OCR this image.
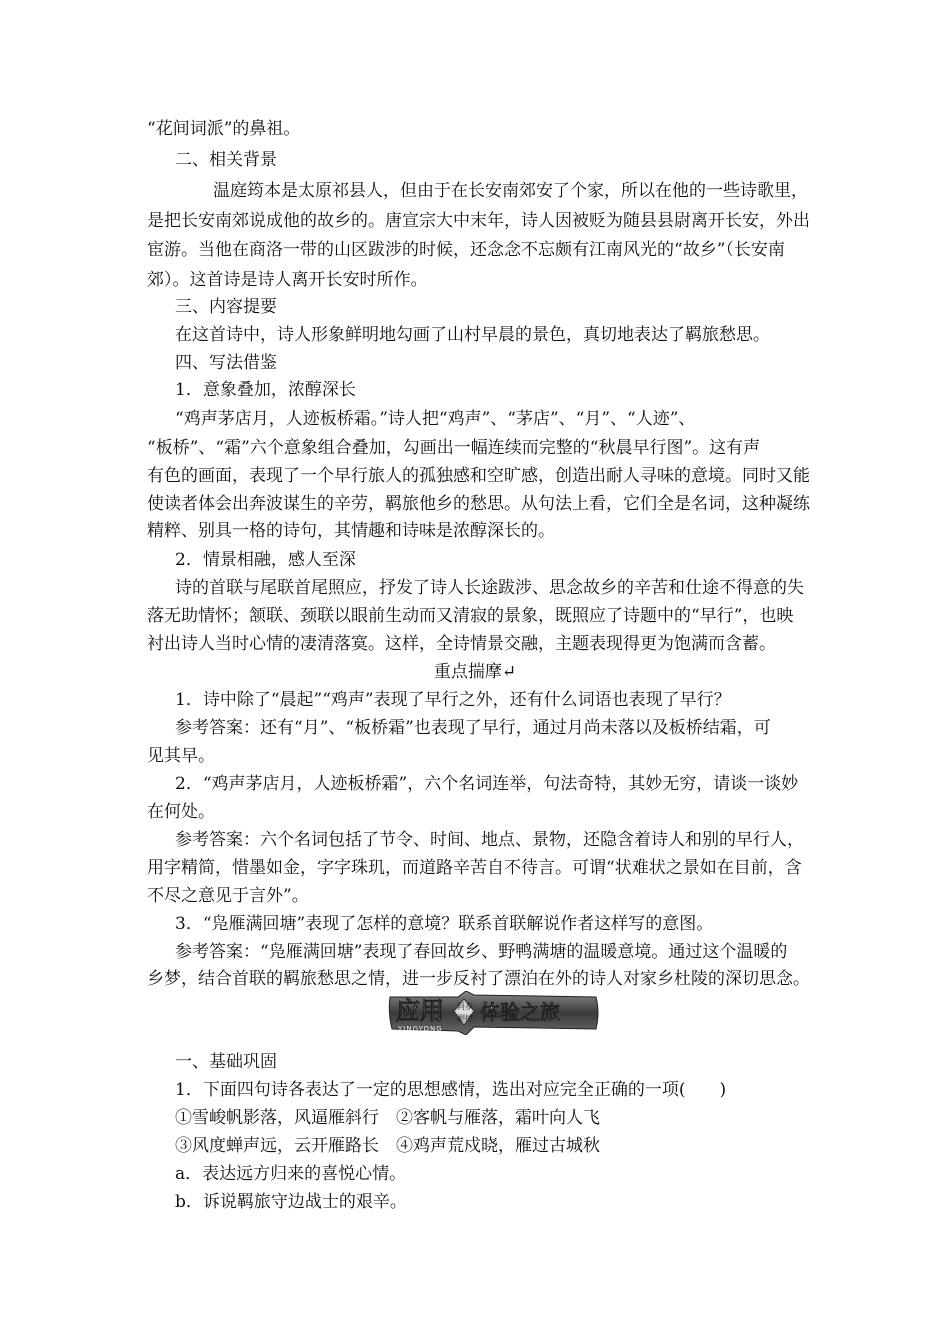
“花间词派”的鼻祖。
二、相关背景
温庭筠本是太原祁县人，但由于在长安南郊安了个家，所以在他的一些诗歌里，
是把长安南郊说成他的故乡的。唐宣宗大中末年，诗人因被贬为随县县尉离开长安，外出
宦游。当他在商洛一带的山区跋涉的时候，还念念不忘颇有江南风光的“故乡”（长安南
郊）。这首诗是诗人离开长安时所作。
三、内容提要
在这首诗中，诗人形象鲜明地勾画了山村早晨的景色，真切地表达了羁旅愁思。
四、写法借鉴
1．意象叠加，浓醇深长
“鸡声茅店月，人迹板桥霜。”诗人把“鸡声”、“茅店”、“月”、“人迹”、
“板桥”、“霜”六个意象组合叠加，勾画出一幅连续而完整的“秋晨早行图”。这有声
有色的画面，表现了一个早行旅人的孤独感和空旷感，创造出耐人寻味的意境。同时又能
使读者体会出奔波谋生的辛劳，羁旅他乡的愁思。从句法上看，它们全是名词，这种凝练
精粹、别具一格的诗句，其情趣和诗味是浓醇深长的。
2．情景相融，感人至深
诗的首联与尾联首尾照应，抒发了诗人长途跋涉、思念故乡的辛苦和仕途不得意的失
落无助情怀；颔联、颈联以眼前生动而又清寂的景象，既照应了诗题中的“早行”，也映
衬出诗人当时心情的凄清落寞。这样，全诗情景交融，主题表现得更为饱满而含蓄。
重点揣摩↵
1．诗中除了“晨起”“鸡声”表现了早行之外，还有什么词语也表现了早行？
参考答案：还有“月”、“板桥霜”也表现了早行，通过月尚未落以及板桥结霜，可
见其早。
2．“鸡声茅店月，人迹板桥霜”，六个名词连举，句法奇特，其妙无穷，请谈一谈妙
在何处。
参考答案：六个名词包括了节令、时间、地点、景物，还隐含着诗人和别的早行人，
用字精简，惜墨如金，字字珠玑，而道路辛苦自不待言。可谓“状难状之景如在目前，含
不尽之意见于言外”。
3．“凫雁满回塘”表现了怎样的意境？联系首联解说作者这样写的意图。
参考答案：“凫雁满回塘”表现了春回故乡、野鸭满塘的温暖意境。通过这个温暖的
乡梦，结合首联的羁旅愁思之情，进一步反衬了漂泊在外的诗人对家乡杜陵的深切思念。
应用
YINGYONG
同步
测控 体验之旅
一、基础巩固
1．下面四句诗各表达了一定的思想感情，选出对应完全正确的一项(　　)
①雪峻帆影落，风逼雁斜行　②客帆与雁落，霜叶向人飞
③风度蝉声远，云开雁路长　④鸡声荒戍晓，雁过古城秋
a．表达远方归来的喜悦心情。
b．诉说羁旅守边战士的艰辛。
